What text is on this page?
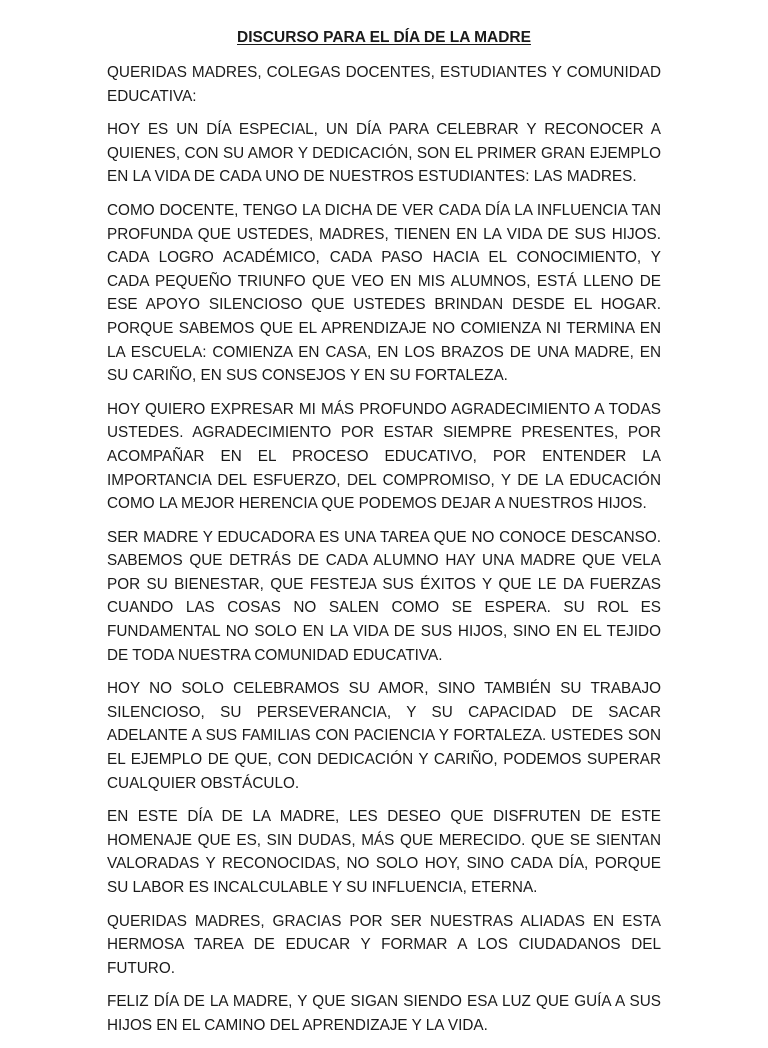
DISCURSO PARA EL DÍA DE LA MADRE

QUERIDAS MADRES, COLEGAS DOCENTES, ESTUDIANTES Y COMUNIDAD EDUCATIVA:

HOY ES UN DÍA ESPECIAL, UN DÍA PARA CELEBRAR Y RECONOCER A QUIENES, CON SU AMOR Y DEDICACIÓN, SON EL PRIMER GRAN EJEMPLO EN LA VIDA DE CADA UNO DE NUESTROS ESTUDIANTES: LAS MADRES.

COMO DOCENTE, TENGO LA DICHA DE VER CADA DÍA LA INFLUENCIA TAN PROFUNDA QUE USTEDES, MADRES, TIENEN EN LA VIDA DE SUS HIJOS. CADA LOGRO ACADÉMICO, CADA PASO HACIA EL CONOCIMIENTO, Y CADA PEQUEÑO TRIUNFO QUE VEO EN MIS ALUMNOS, ESTÁ LLENO DE ESE APOYO SILENCIOSO QUE USTEDES BRINDAN DESDE EL HOGAR. PORQUE SABEMOS QUE EL APRENDIZAJE NO COMIENZA NI TERMINA EN LA ESCUELA: COMIENZA EN CASA, EN LOS BRAZOS DE UNA MADRE, EN SU CARIÑO, EN SUS CONSEJOS Y EN SU FORTALEZA.

HOY QUIERO EXPRESAR MI MÁS PROFUNDO AGRADECIMIENTO A TODAS USTEDES. AGRADECIMIENTO POR ESTAR SIEMPRE PRESENTES, POR ACOMPAÑAR EN EL PROCESO EDUCATIVO, POR ENTENDER LA IMPORTANCIA DEL ESFUERZO, DEL COMPROMISO, Y DE LA EDUCACIÓN COMO LA MEJOR HERENCIA QUE PODEMOS DEJAR A NUESTROS HIJOS.

SER MADRE Y EDUCADORA ES UNA TAREA QUE NO CONOCE DESCANSO. SABEMOS QUE DETRÁS DE CADA ALUMNO HAY UNA MADRE QUE VELA POR SU BIENESTAR, QUE FESTEJA SUS ÉXITOS Y QUE LE DA FUERZAS CUANDO LAS COSAS NO SALEN COMO SE ESPERA. SU ROL ES FUNDAMENTAL NO SOLO EN LA VIDA DE SUS HIJOS, SINO EN EL TEJIDO DE TODA NUESTRA COMUNIDAD EDUCATIVA.

HOY NO SOLO CELEBRAMOS SU AMOR, SINO TAMBIÉN SU TRABAJO SILENCIOSO, SU PERSEVERANCIA, Y SU CAPACIDAD DE SACAR ADELANTE A SUS FAMILIAS CON PACIENCIA Y FORTALEZA. USTEDES SON EL EJEMPLO DE QUE, CON DEDICACIÓN Y CARIÑO, PODEMOS SUPERAR CUALQUIER OBSTÁCULO.

EN ESTE DÍA DE LA MADRE, LES DESEO QUE DISFRUTEN DE ESTE HOMENAJE QUE ES, SIN DUDAS, MÁS QUE MERECIDO. QUE SE SIENTAN VALORADAS Y RECONOCIDAS, NO SOLO HOY, SINO CADA DÍA, PORQUE SU LABOR ES INCALCULABLE Y SU INFLUENCIA, ETERNA.

QUERIDAS MADRES, GRACIAS POR SER NUESTRAS ALIADAS EN ESTA HERMOSA TAREA DE EDUCAR Y FORMAR A LOS CIUDADANOS DEL FUTURO.

FELIZ DÍA DE LA MADRE, Y QUE SIGAN SIENDO ESA LUZ QUE GUÍA A SUS HIJOS EN EL CAMINO DEL APRENDIZAJE Y LA VIDA.
